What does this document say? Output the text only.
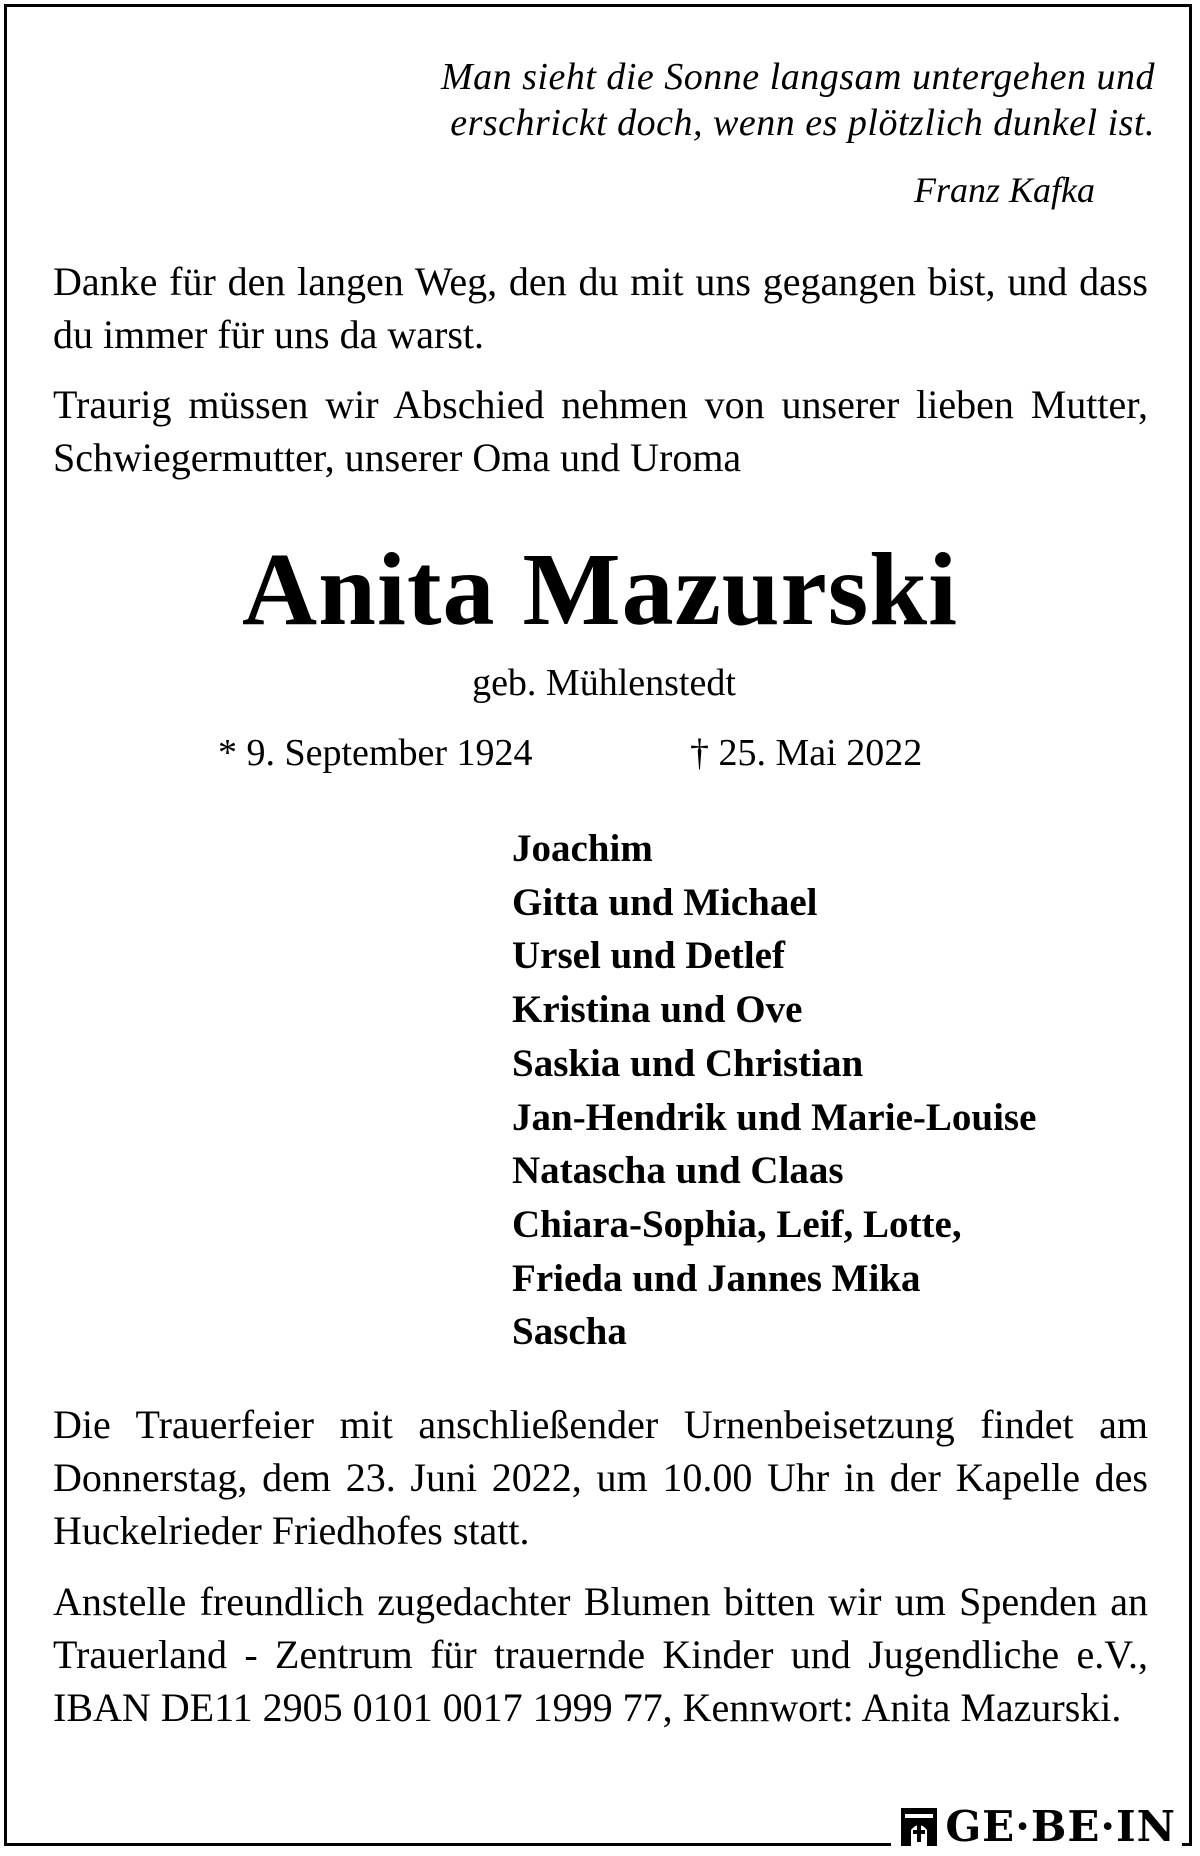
Man sieht die Sonne langsam untergehen und

erschrickt doch, wenn es plötzlich dunkel ist.

Franz Kafka

Danke für den langen Weg, den du mit uns gegangen bist, und dass du immer für uns da warst.

Traurig müssen wir Abschied nehmen von unserer lieben Mutter, Schwiegermutter, unserer Oma und Uroma

Anita Mazurski
geb. Mühlenstedt
* 9. September 1924	† 25. Mai 2022
Joachim
Gitta und Michael
Ursel und Detlef
Kristina und Ove
Saskia und Christian
Jan-Hendrik und Marie-Louise
Natascha und Claas
Chiara-Sophia, Leif, Lotte,
Frieda und Jannes Mika
Sascha

Die Trauerfeier mit anschließender Urnenbeisetzung findet am Donnerstag, dem 23. Juni 2022, um 10.00 Uhr in der Kapelle des Huckelrieder Friedhofes statt.

Anstelle freundlich zugedachter Blumen bitten wir um Spenden an Trauerland - Zentrum für trauernde Kinder und Jugendliche e.V., IBAN DE11 2905 0101 0017 1999 77, Kennwort: Anita Mazurski.

GE·BE·IN
